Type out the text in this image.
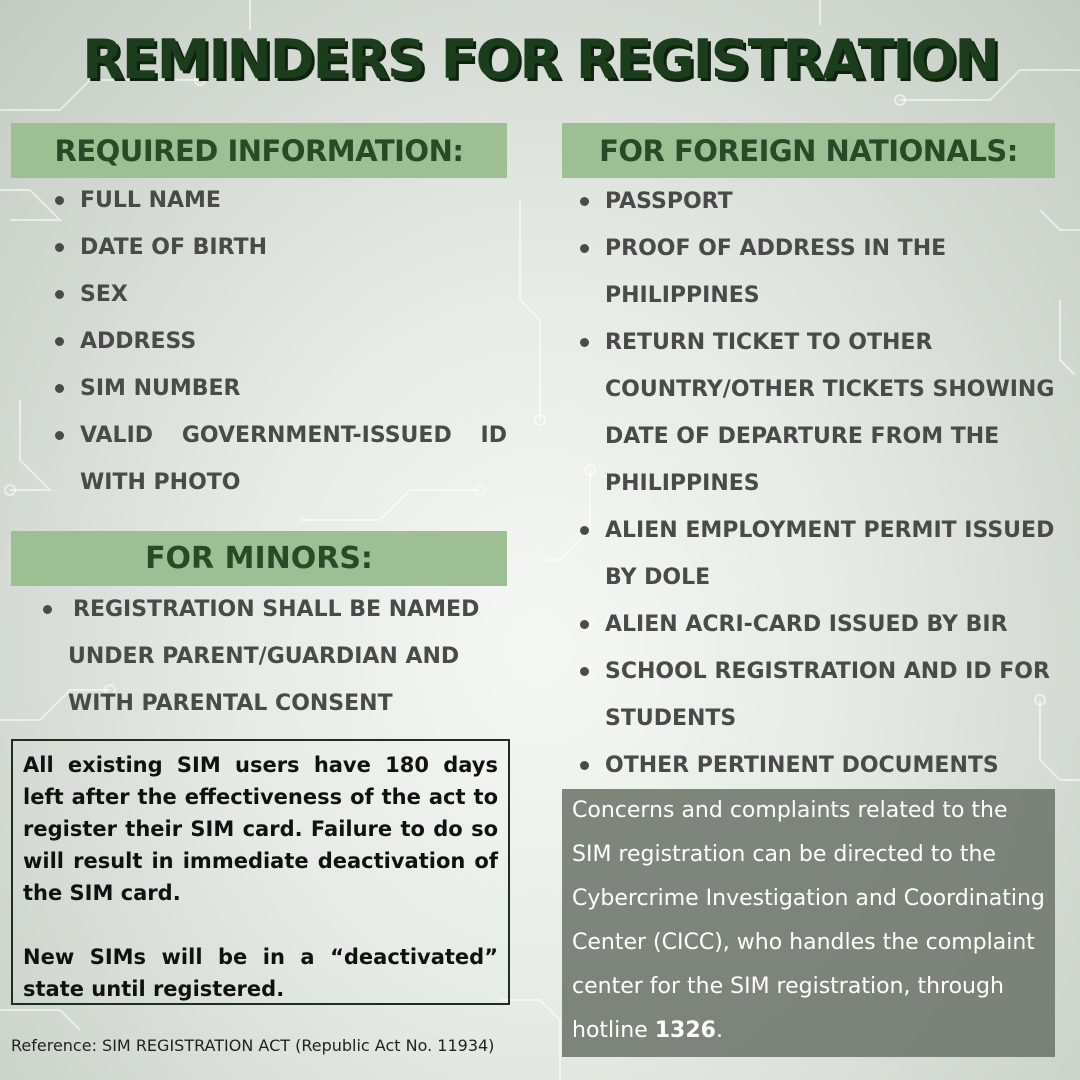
REMINDERS FOR REGISTRATION
REQUIRED INFORMATION:
FULL NAME
DATE OF BIRTH
SEX
ADDRESS
SIM NUMBER
VALID GOVERNMENT-ISSUED ID WITH PHOTO
FOR MINORS:
REGISTRATION SHALL BE NAMED
UNDER PARENT/GUARDIAN AND
WITH PARENTAL CONSENT

All existing SIM users have 180 days left after the effectiveness of the act to register their SIM card. Failure to do so will result in immediate deactivation of the SIM card.

New SIMs will be in a “deactivated” state until registered.

Reference: SIM REGISTRATION ACT (Republic Act No. 11934)
FOR FOREIGN NATIONALS:
PASSPORT
PROOF OF ADDRESS IN THE PHILIPPINES
RETURN TICKET TO OTHER COUNTRY/OTHER TICKETS SHOWING DATE OF DEPARTURE FROM THE PHILIPPINES
ALIEN EMPLOYMENT PERMIT ISSUED BY DOLE
ALIEN ACRI-CARD ISSUED BY BIR
SCHOOL REGISTRATION AND ID FOR STUDENTS
OTHER PERTINENT DOCUMENTS
Concerns and complaints related to the SIM registration can be directed to the Cybercrime Investigation and Coordinating Center (CICC), who handles the complaint center for the SIM registration, through hotline 1326.
